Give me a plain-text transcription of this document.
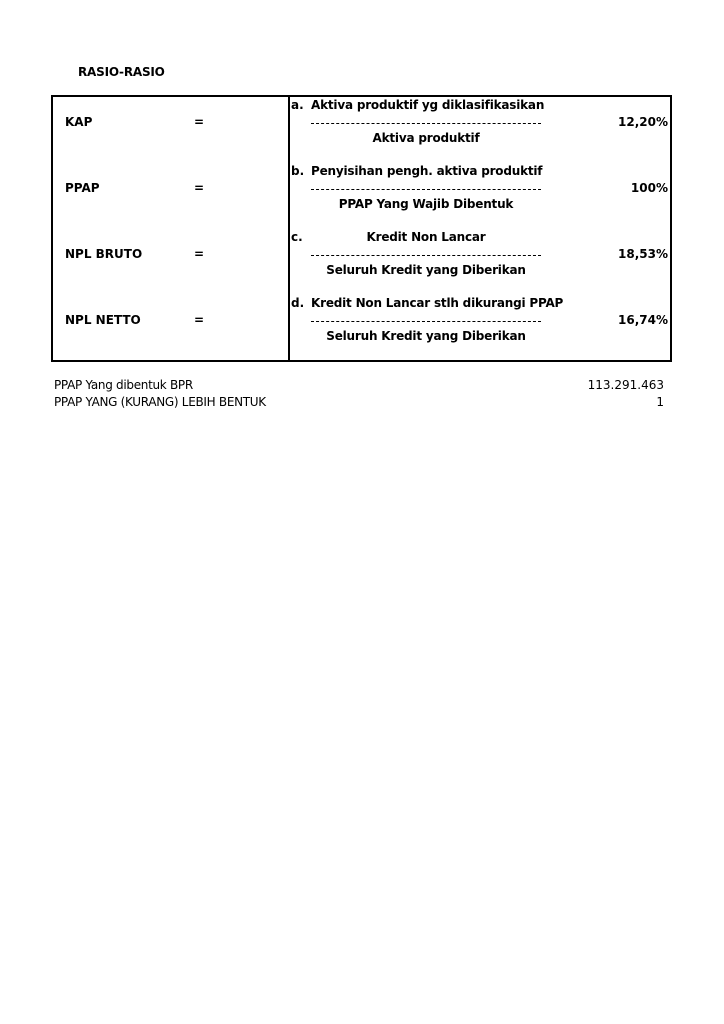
RASIO-RASIO
KAP	=
a. Aktiva produktif yg diklasifikasikan
Aktiva produktif
12,20%
PPAP	=
b. Penyisihan pengh. aktiva produktif
PPAP Yang Wajib Dibentuk
100%
NPL BRUTO	=
c.	Kredit Non Lancar
Seluruh Kredit yang Diberikan
18,53%
NPL NETTO	=
d. Kredit Non Lancar stlh dikurangi PPAP
Seluruh Kredit yang Diberikan
16,74%
PPAP Yang dibentuk BPR	113.291.463
PPAP YANG (KURANG) LEBIH BENTUK	1
